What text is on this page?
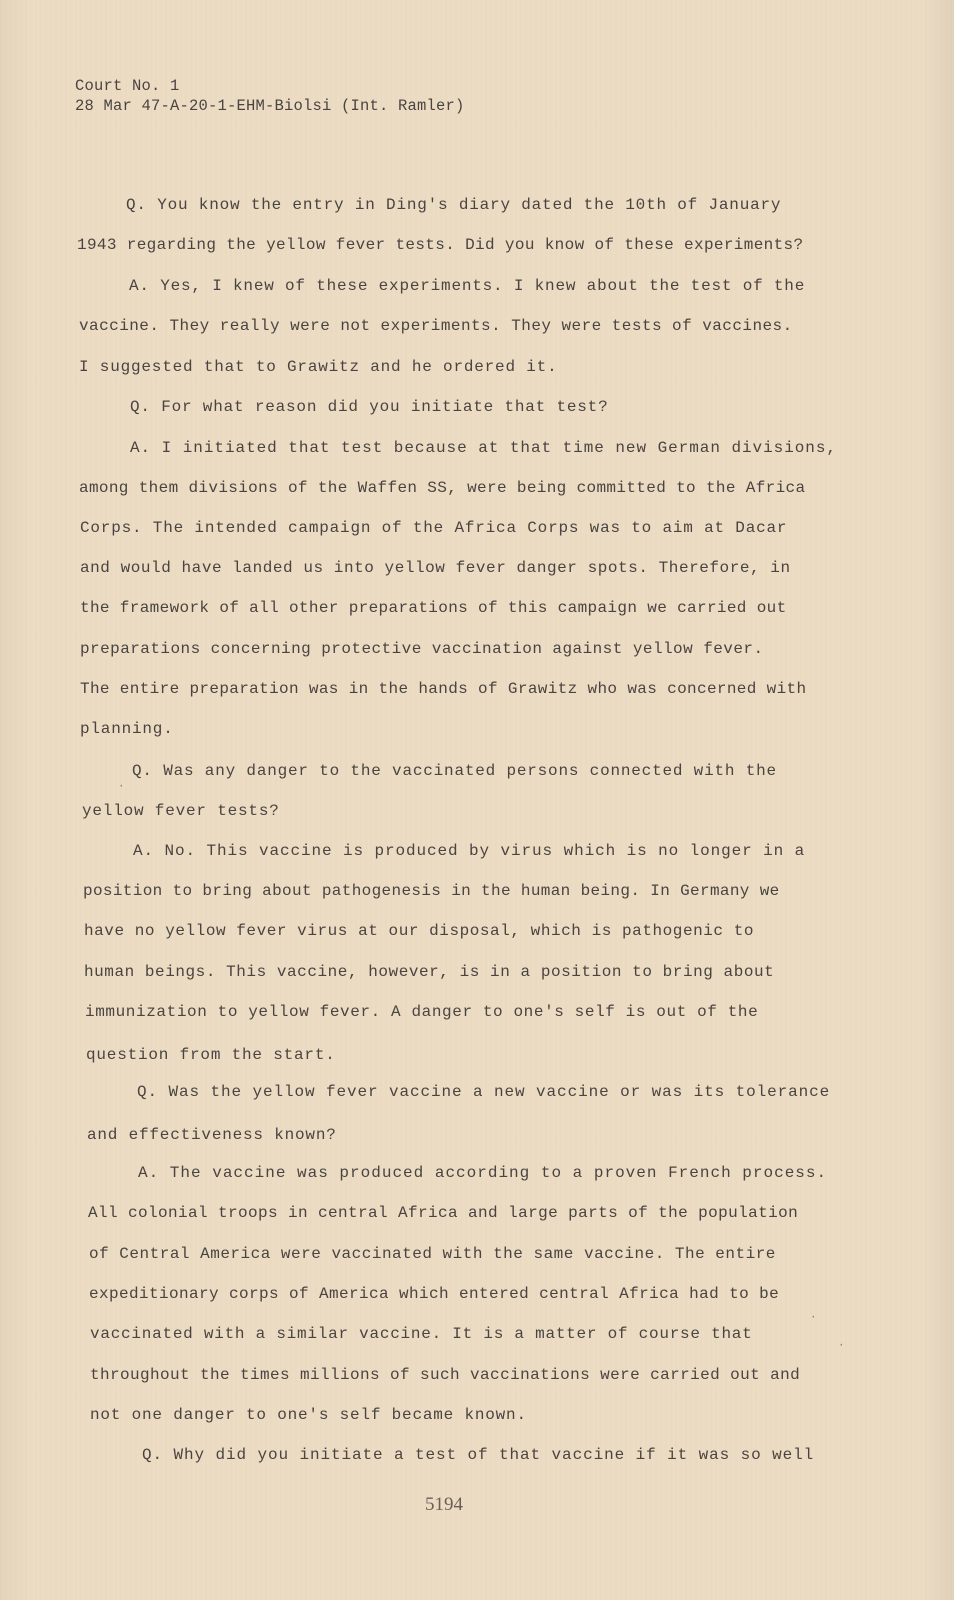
Court No. 1
28 Mar 47-A-20-1-EHM-Biolsi (Int. Ramler)
Q. You know the entry in Ding's diary dated the 10th of January
1943 regarding the yellow fever tests. Did you know of these experiments?
A. Yes, I knew of these experiments. I knew about the test of the
vaccine. They really were not experiments. They were tests of vaccines.
I suggested that to Grawitz and he ordered it.
Q. For what reason did you initiate that test?
A. I initiated that test because at that time new German divisions,
among them divisions of the Waffen SS, were being committed to the Africa
Corps. The intended campaign of the Africa Corps was to aim at Dacar
and would have landed us into yellow fever danger spots. Therefore, in
the framework of all other preparations of this campaign we carried out
preparations concerning protective vaccination against yellow fever.
The entire preparation was in the hands of Grawitz who was concerned with
planning.
Q. Was any danger to the vaccinated persons connected with the
yellow fever tests?
A. No. This vaccine is produced by virus which is no longer in a
position to bring about pathogenesis in the human being. In Germany we
have no yellow fever virus at our disposal, which is pathogenic to
human beings. This vaccine, however, is in a position to bring about
immunization to yellow fever. A danger to one's self is out of the
question from the start.
Q. Was the yellow fever vaccine a new vaccine or was its tolerance
and effectiveness known?
A. The vaccine was produced according to a proven French process.
All colonial troops in central Africa and large parts of the population
of Central America were vaccinated with the same vaccine. The entire
expeditionary corps of America which entered central Africa had to be
vaccinated with a similar vaccine. It is a matter of course that
throughout the times millions of such vaccinations were carried out and
not one danger to one's self became known.
Q. Why did you initiate a test of that vaccine if it was so well
5194
·
·
·
